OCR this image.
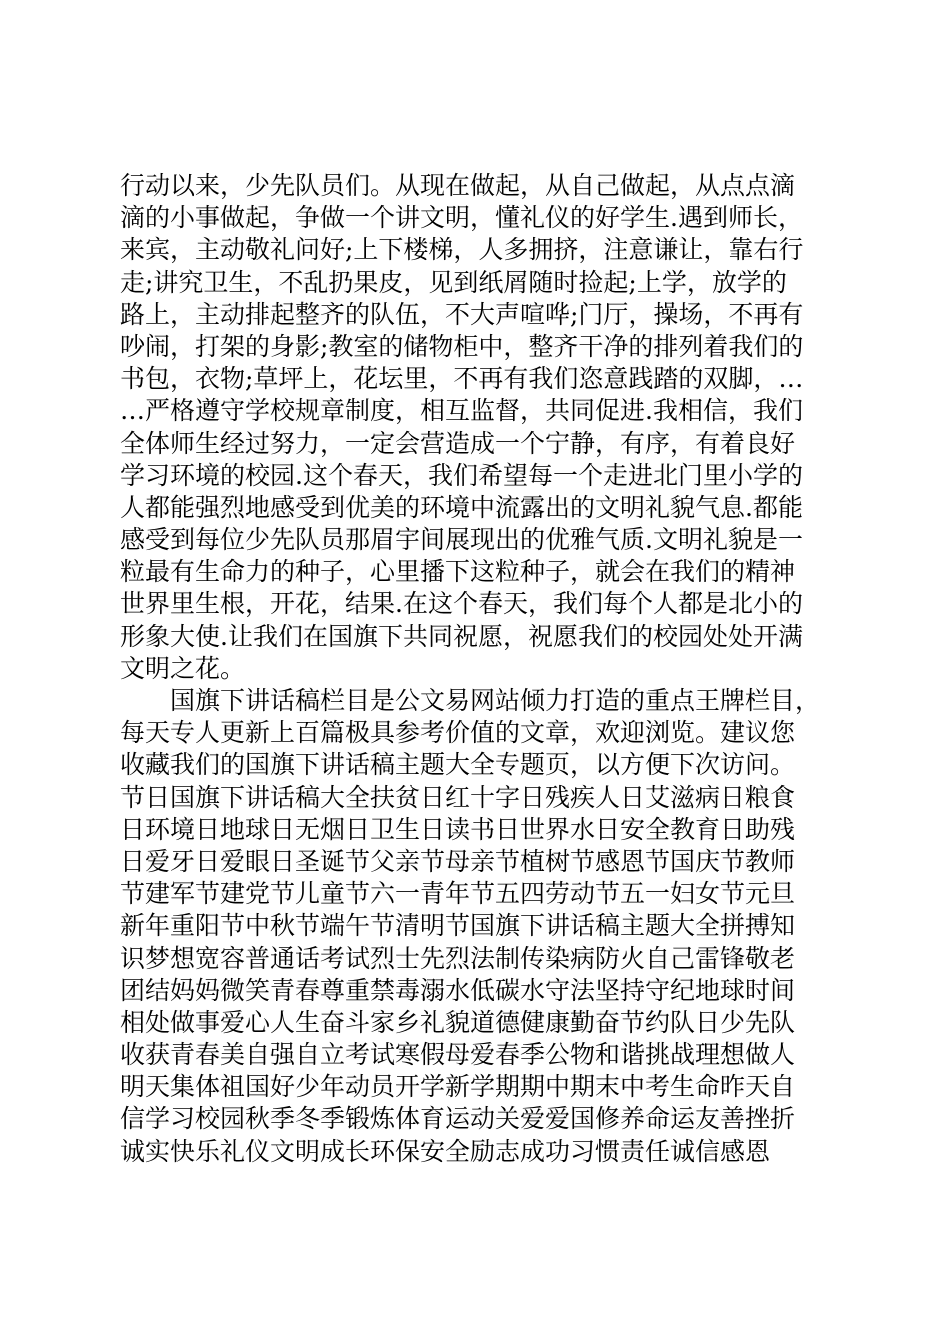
行动以来，少先队员们。从现在做起，从自己做起，从点点滴
滴的小事做起，争做一个讲文明，懂礼仪的好学生.遇到师长，
来宾，主动敬礼问好;上下楼梯，人多拥挤，注意谦让，靠右行
走;讲究卫生，不乱扔果皮，见到纸屑随时捡起;上学，放学的
路上，主动排起整齐的队伍，不大声喧哗;门厅，操场，不再有
吵闹，打架的身影;教室的储物柜中，整齐干净的排列着我们的
书包，衣物;草坪上，花坛里，不再有我们恣意践踏的双脚，…
…严格遵守学校规章制度，相互监督，共同促进.我相信，我们
全体师生经过努力，一定会营造成一个宁静，有序，有着良好
学习环境的校园.这个春天，我们希望每一个走进北门里小学的
人都能强烈地感受到优美的环境中流露出的文明礼貌气息.都能
感受到每位少先队员那眉宇间展现出的优雅气质.文明礼貌是一
粒最有生命力的种子，心里播下这粒种子，就会在我们的精神
世界里生根，开花，结果.在这个春天，我们每个人都是北小的
形象大使.让我们在国旗下共同祝愿，祝愿我们的校园处处开满
文明之花。
国旗下讲话稿栏目是公文易网站倾力打造的重点王牌栏目，
每天专人更新上百篇极具参考价值的文章，欢迎浏览。建议您
收藏我们的国旗下讲话稿主题大全专题页，以方便下次访问。
节日国旗下讲话稿大全扶贫日红十字日残疾人日艾滋病日粮食
日环境日地球日无烟日卫生日读书日世界水日安全教育日助残
日爱牙日爱眼日圣诞节父亲节母亲节植树节感恩节国庆节教师
节建军节建党节儿童节六一青年节五四劳动节五一妇女节元旦
新年重阳节中秋节端午节清明节国旗下讲话稿主题大全拼搏知
识梦想宽容普通话考试烈士先烈法制传染病防火自己雷锋敬老
团结妈妈微笑青春尊重禁毒溺水低碳水守法坚持守纪地球时间
相处做事爱心人生奋斗家乡礼貌道德健康勤奋节约队日少先队
收获青春美自强自立考试寒假母爱春季公物和谐挑战理想做人
明天集体祖国好少年动员开学新学期期中期末中考生命昨天自
信学习校园秋季冬季锻炼体育运动关爱爱国修养命运友善挫折
诚实快乐礼仪文明成长环保安全励志成功习惯责任诚信感恩
